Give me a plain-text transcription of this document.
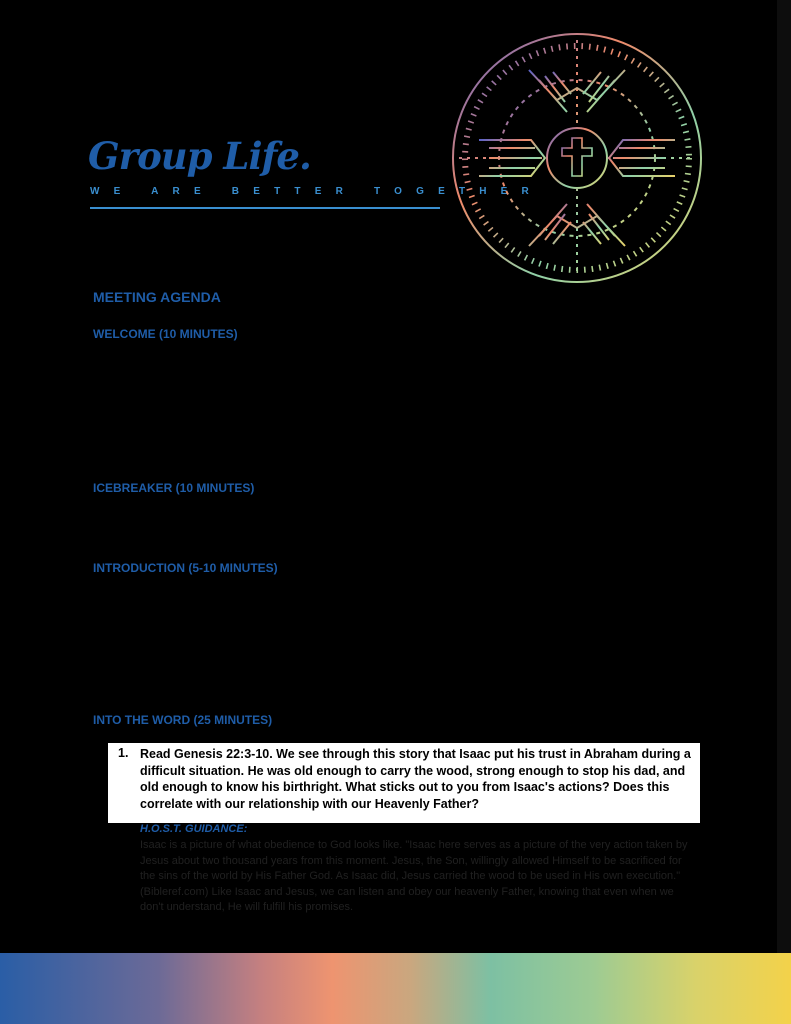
Group Life.
WE ARE BETTER TOGETHER
MEETING AGENDA
WELCOME (10 MINUTES)
ICEBREAKER (10 MINUTES)
INTRODUCTION (5-10 MINUTES)
INTO THE WORD (25 MINUTES)
1. Read Genesis 22:3-10. We see through this story that Isaac put his trust in Abraham during a difficult situation. He was old enough to carry the wood, strong enough to stop his dad, and old enough to know his birthright. What sticks out to you from Isaac's actions? Does this correlate with our relationship with our Heavenly Father?

H.O.S.T. GUIDANCE:

Isaac is a picture of what obedience to God looks like. "Isaac here serves as a picture of the very action taken by Jesus about two thousand years from this moment. Jesus, the Son, willingly allowed Himself to be sacrificed for the sins of the world by His Father God. As Isaac did, Jesus carried the wood to be used in His own execution." (Bibleref.com) Like Isaac and Jesus, we can listen and obey our heavenly Father, knowing that even when we don't understand, He will fulfill his promises.
